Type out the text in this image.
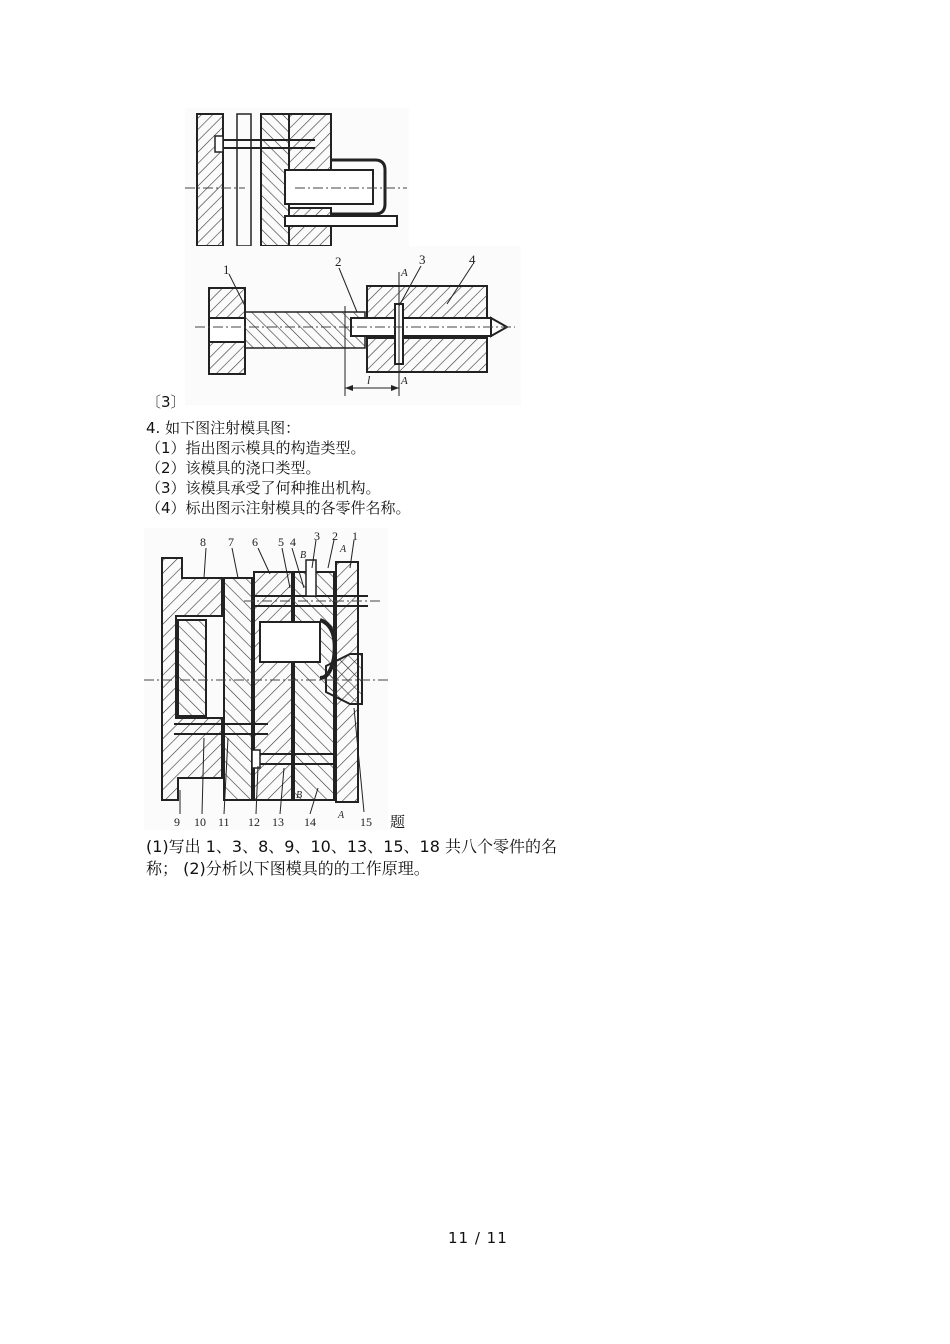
1
2
A
3	4
A
l
〔3〕
4. 如下图注射模具图：
（1）指出图示模具的构造类型。
（2）该模具的浇口类型。
（3）该模具承受了何种推出机构。
（4）标出图示注射模具的各零件名称。
8 7 6 5 4
B
3 2
A
1
9 10 11 12 13
B
14 A 15 题
(1)写出 1、3、8、9、10、13、15、18 共八个零件的名
称； (2)分析以下图模具的的工作原理。
11 / 11
